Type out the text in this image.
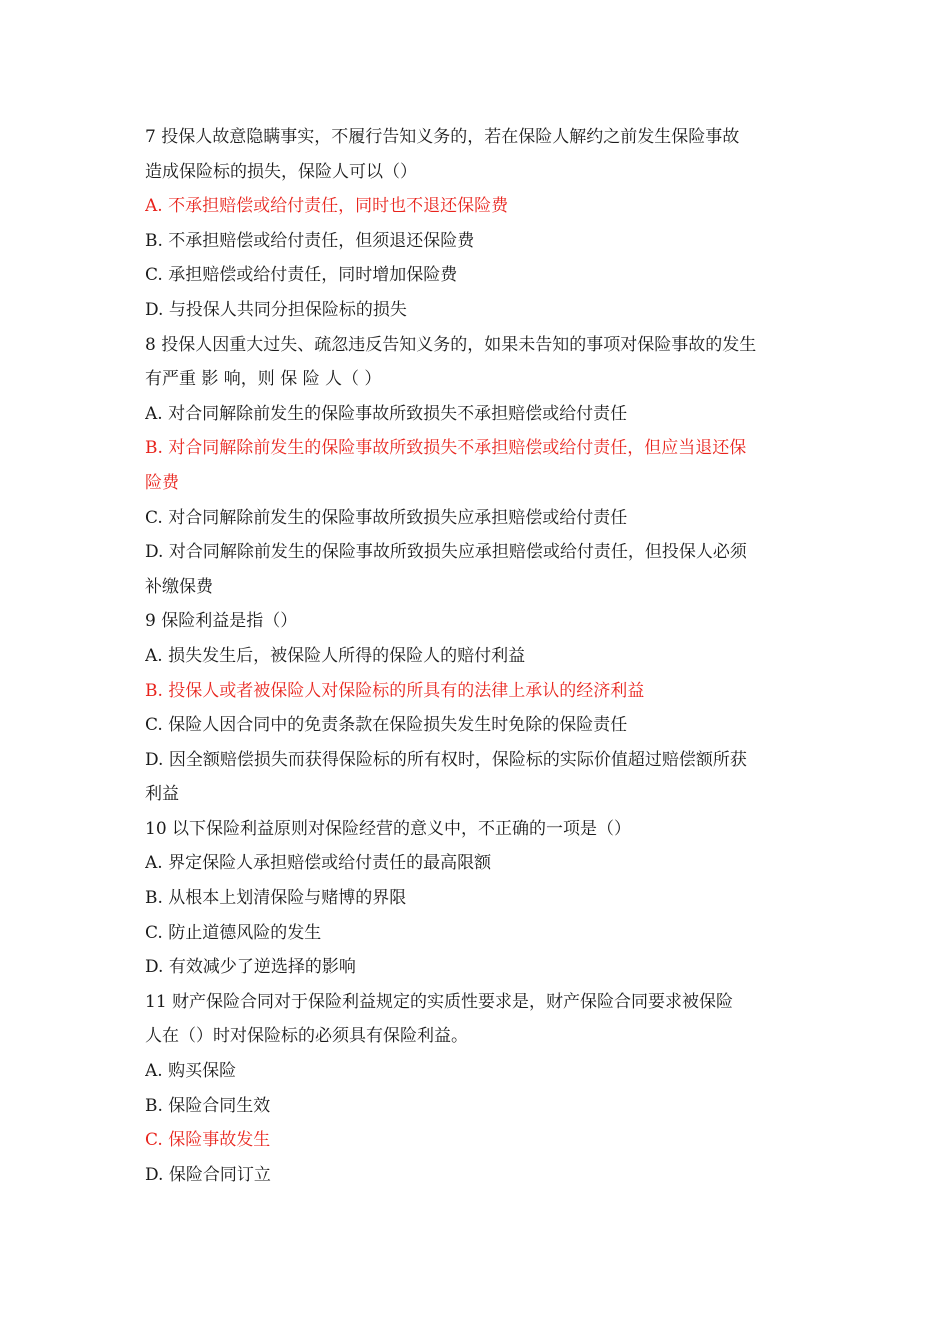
7 投保人故意隐瞒事实，不履行告知义务的，若在保险人解约之前发生保险事故
造成保险标的损失，保险人可以（）
A. 不承担赔偿或给付责任，同时也不退还保险费
B. 不承担赔偿或给付责任，但须退还保险费
C. 承担赔偿或给付责任，同时增加保险费
D. 与投保人共同分担保险标的损失
8 投保人因重大过失、疏忽违反告知义务的，如果未告知的事项对保险事故的发生
有严重 影 响，则 保 险 人（ ）
A. 对合同解除前发生的保险事故所致损失不承担赔偿或给付责任
B. 对合同解除前发生的保险事故所致损失不承担赔偿或给付责任，但应当退还保
险费
C. 对合同解除前发生的保险事故所致损失应承担赔偿或给付责任
D. 对合同解除前发生的保险事故所致损失应承担赔偿或给付责任，但投保人必须
补缴保费
9 保险利益是指（）
A. 损失发生后，被保险人所得的保险人的赔付利益
B. 投保人或者被保险人对保险标的所具有的法律上承认的经济利益
C. 保险人因合同中的免责条款在保险损失发生时免除的保险责任
D. 因全额赔偿损失而获得保险标的所有权时，保险标的实际价值超过赔偿额所获
利益
10 以下保险利益原则对保险经营的意义中，不正确的一项是（）
A. 界定保险人承担赔偿或给付责任的最高限额
B. 从根本上划清保险与赌博的界限
C. 防止道德风险的发生
D. 有效减少了逆选择的影响
11 财产保险合同对于保险利益规定的实质性要求是，财产保险合同要求被保险
人在（）时对保险标的必须具有保险利益。
A. 购买保险
B. 保险合同生效
C. 保险事故发生
D. 保险合同订立
